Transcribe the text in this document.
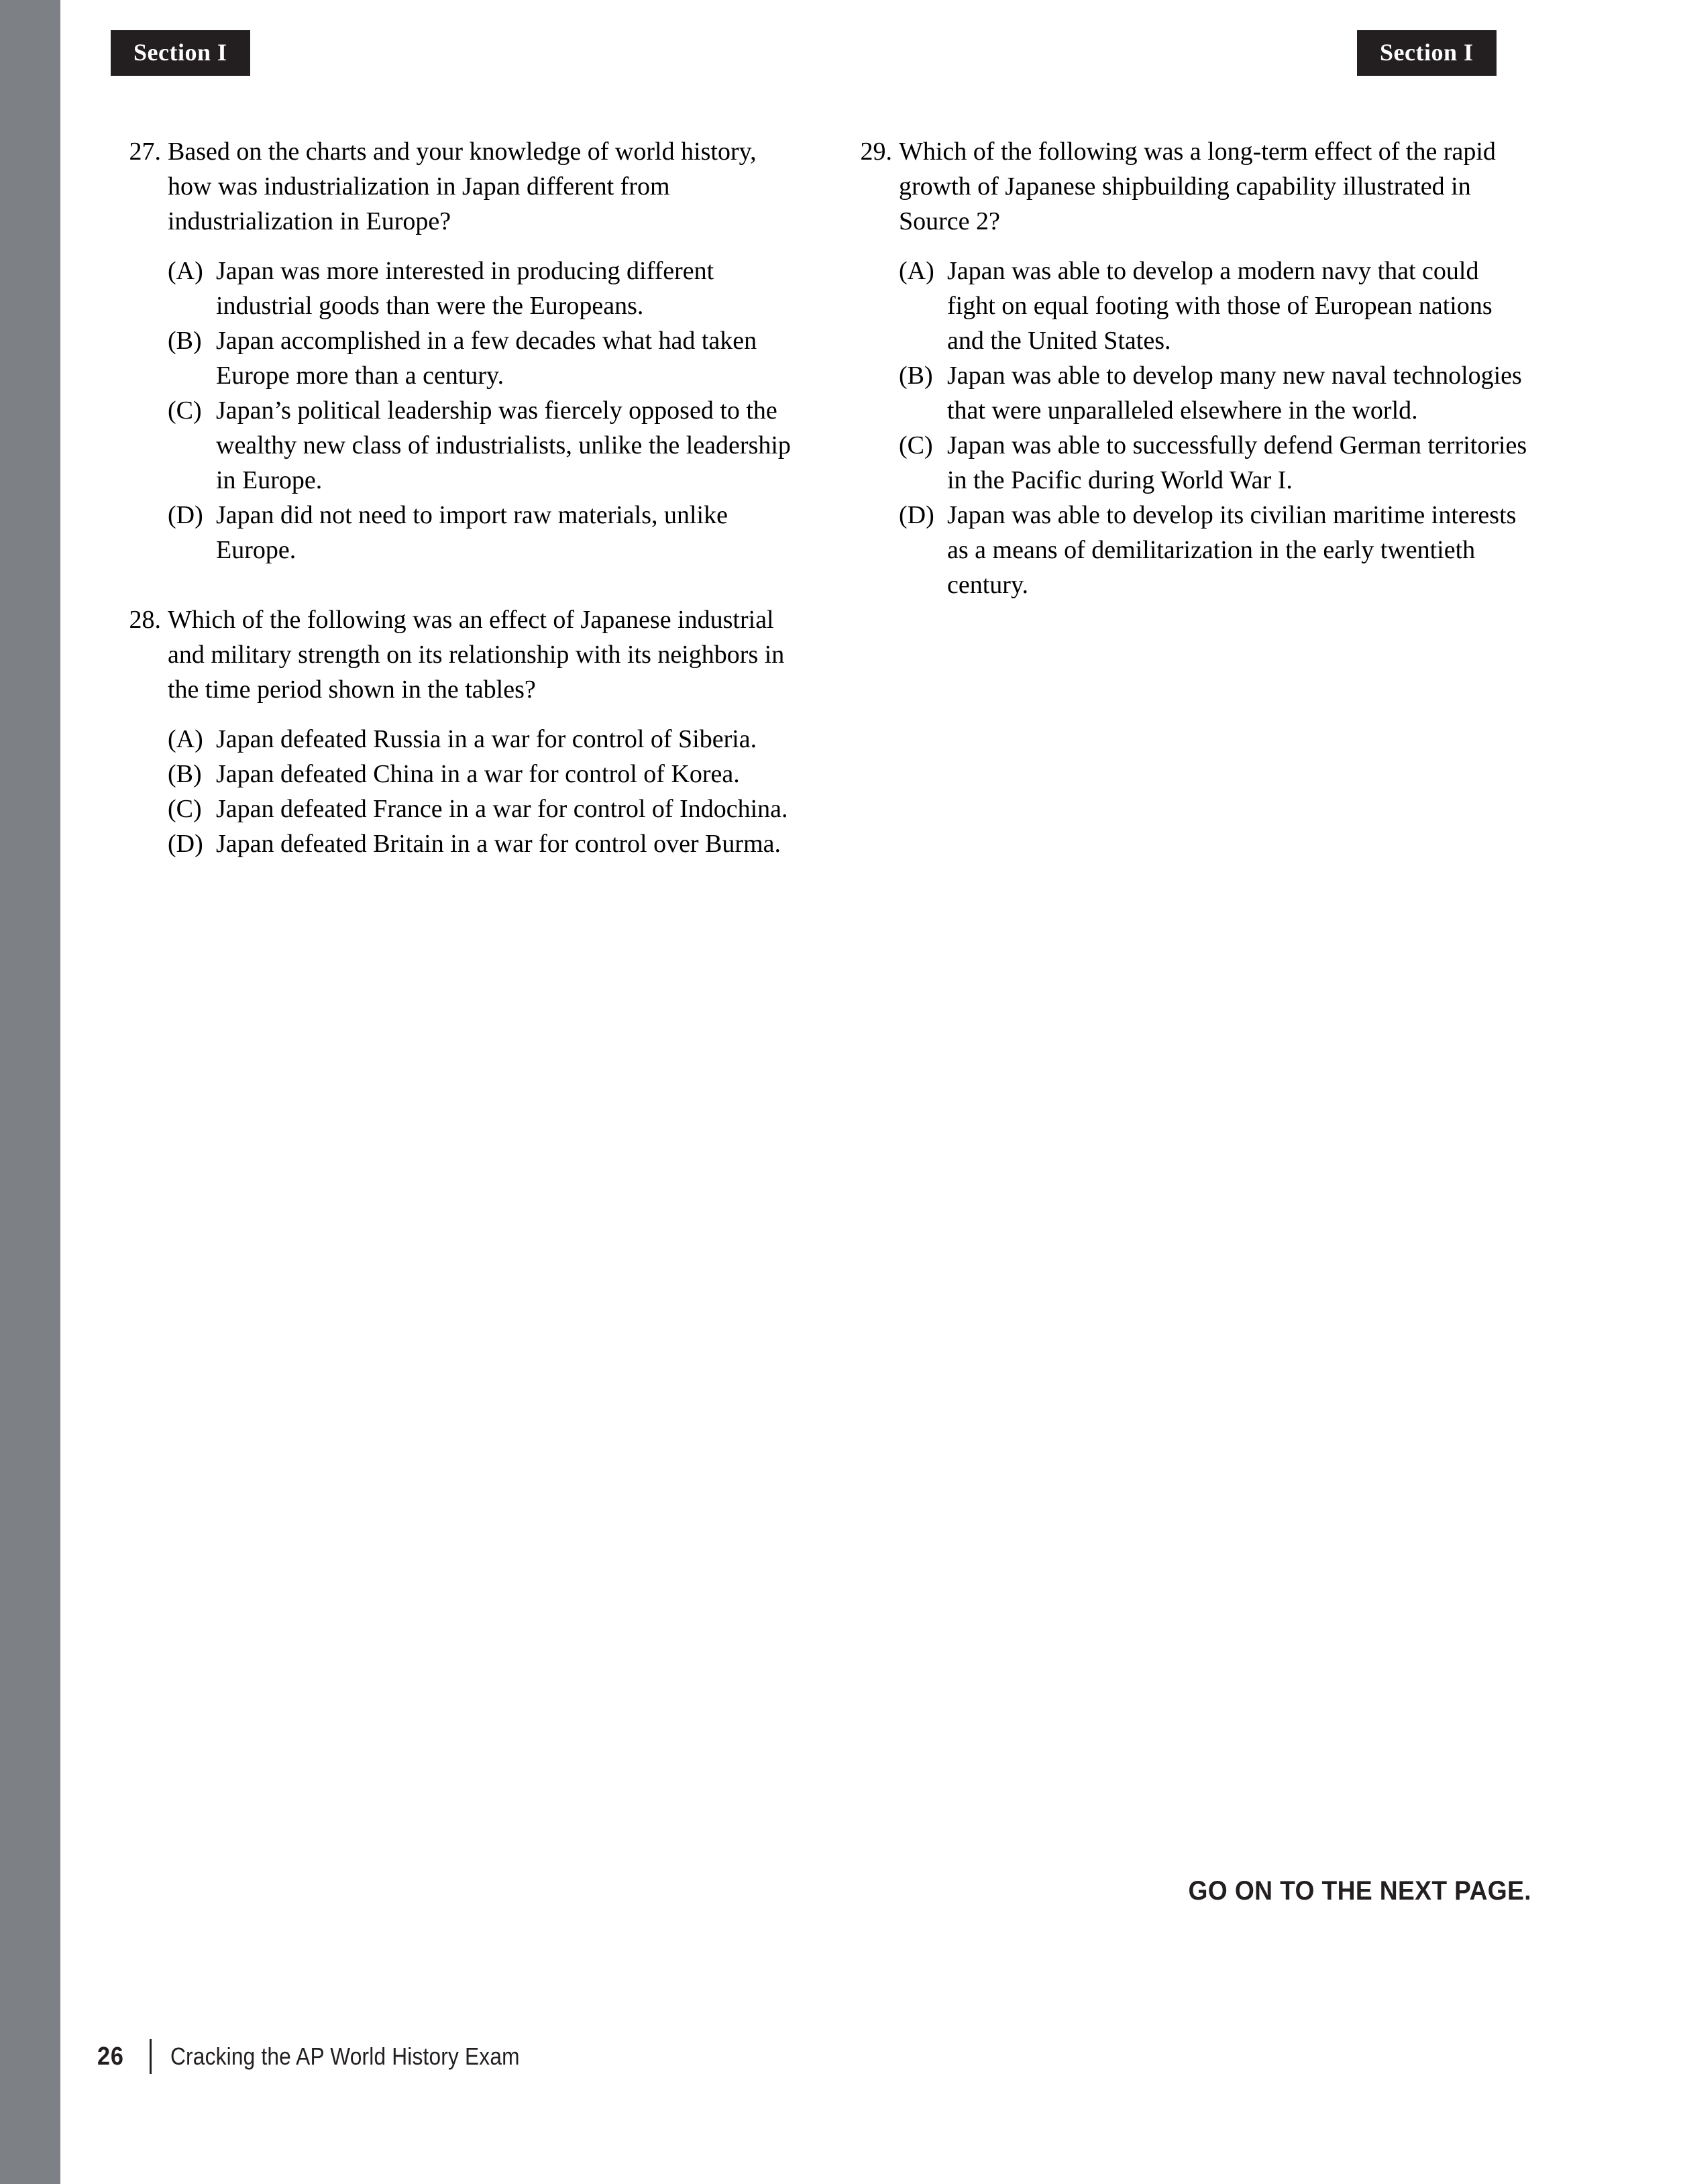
Section I	Section I
27. Based on the charts and your knowledge of world history, how was industrialization in Japan different from industrialization in Europe?
(A) Japan was more interested in producing different industrial goods than were the Europeans.
(B) Japan accomplished in a few decades what had taken Europe more than a century.
(C) Japan’s political leadership was fiercely opposed to the wealthy new class of industrialists, unlike the leadership in Europe.
(D) Japan did not need to import raw materials, unlike Europe.
28. Which of the following was an effect of Japanese industrial and military strength on its relationship with its neighbors in the time period shown in the tables?
(A) Japan defeated Russia in a war for control of Siberia.
(B) Japan defeated China in a war for control of Korea.
(C) Japan defeated France in a war for control of Indochina.
(D) Japan defeated Britain in a war for control over Burma.
29. Which of the following was a long-term effect of the rapid growth of Japanese shipbuilding capability illustrated in Source 2?
(A) Japan was able to develop a modern navy that could fight on equal footing with those of European nations and the United States.
(B) Japan was able to develop many new naval technologies that were unparalleled elsewhere in the world.
(C) Japan was able to successfully defend German territories in the Pacific during World War I.
(D) Japan was able to develop its civilian maritime interests as a means of demilitarization in the early twentieth century.
GO ON TO THE NEXT PAGE.
26 Cracking the AP World History Exam
